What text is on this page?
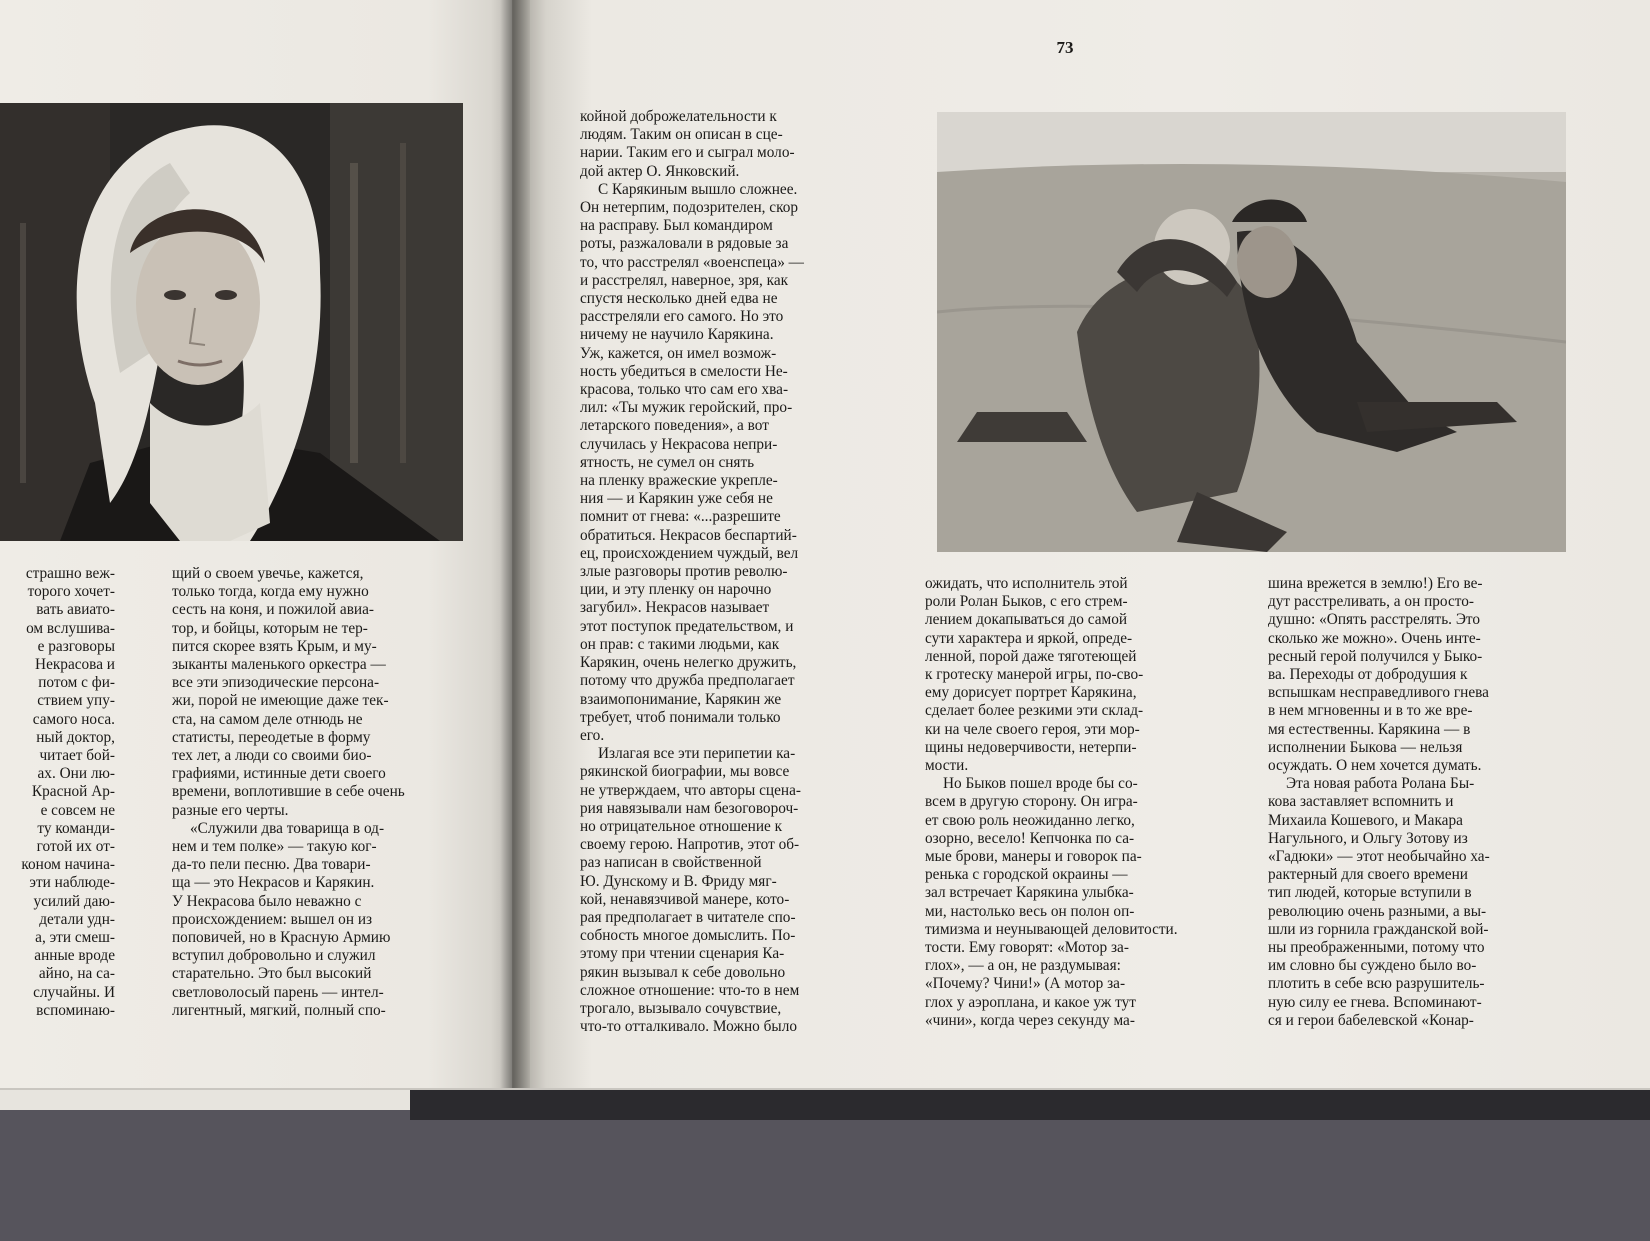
73

страшно веж-
торого хочет-
вать авиато-
ом вслушива-
е разговоры
Некрасова и
потом с фи-
ствием упу-
самого носа.
ный доктор,
читает бой-
ах. Они лю-
Красной Ар-
е совсем не
ту команди-
готой их от-
коном начина-
эти наблюде-
усилий даю-
детали удн-
а, эти смеш-
анные вроде
айно, на са-
случайны. И
вспоминаю-

щий о своем увечье, кажется,
только тогда, когда ему нужно
сесть на коня, и пожилой авиа-
тор, и бойцы, которым не тер-
пится скорее взять Крым, и му-
зыканты маленького оркестра —
все эти эпизодические персона-
жи, порой не имеющие даже тек-
ста, на самом деле отнюдь не
статисты, переодетые в форму
тех лет, а люди со своими био-
графиями, истинные дети своего
времени, воплотившие в себе очень
разные его черты.

«Служили два товарища в од-
нем и тем полке» — такую ког-
да-то пели песню. Два товари-
ща — это Некрасов и Карякин.
У Некрасова было неважно с
происхождением: вышел он из
поповичей, но в Красную Армию
вступил добровольно и служил
старательно. Это был высокий
светловолосый парень — интел-
лигентный, мягкий, полный спо-

койной доброжелательности к
людям. Таким он описан в сце-
нарии. Таким его и сыграл моло-
дой актер О. Янковский.

С Карякиным вышло сложнее.
Он нетерпим, подозрителен, скор
на расправу. Был командиром
роты, разжаловали в рядовые за
то, что расстрелял «военспеца» —
и расстрелял, наверное, зря, как
спустя несколько дней едва не
расстреляли его самого. Но это
ничему не научило Карякина.
Уж, кажется, он имел возмож-
ность убедиться в смелости Не-
красова, только что сам его хва-
лил: «Ты мужик геройский, про-
летарского поведения», а вот
случилась у Некрасова непри-
ятность, не сумел он снять
на пленку вражеские укрепле-
ния — и Карякин уже себя не
помнит от гнева: «...разрешите
обратиться. Некрасов беспартий-
ец, происхождением чуждый, вел
злые разговоры против револю-
ции, и эту пленку он нарочно
загубил». Некрасов называет
этот поступок предательством, и
он прав: с такими людьми, как
Карякин, очень нелегко дружить,
потому что дружба предполагает
взаимопонимание, Карякин же
требует, чтоб понимали только
его.

Излагая все эти перипетии ка-
рякинской биографии, мы вовсе
не утверждаем, что авторы сцена-
рия навязывали нам безоговороч-
но отрицательное отношение к
своему герою. Напротив, этот об-
раз написан в свойственной
Ю. Дунскому и В. Фриду мяг-
кой, ненавязчивой манере, кото-
рая предполагает в читателе спо-
собность многое домыслить. По-
этому при чтении сценария Ка-
рякин вызывал к себе довольно
сложное отношение: что-то в нем
трогало, вызывало сочувствие,
что-то отталкивало. Можно было

ожидать, что исполнитель этой
роли Ролан Быков, с его стрем-
лением докапываться до самой
сути характера и яркой, опреде-
ленной, порой даже тяготеющей
к гротеску манерой игры, по-сво-
ему дорисует портрет Карякина,
сделает более резкими эти склад-
ки на челе своего героя, эти мор-
щины недоверчивости, нетерпи-
мости.

Но Быков пошел вроде бы со-
всем в другую сторону. Он игра-
ет свою роль неожиданно легко,
озорно, весело! Кепчонка по са-
мые брови, манеры и говорок па-
ренька с городской окраины —
зал встречает Карякина улыбка-
ми, настолько весь он полон оп-
тимизма и неунывающей деловитости.
тости. Ему говорят: «Мотор за-
глох», — а он, не раздумывая:
«Почему? Чини!» (А мотор за-
глох у аэроплана, и какое уж тут
«чини», когда через секунду ма-

шина врежется в землю!) Его ве-
дут расстреливать, а он просто-
душно: «Опять расстрелять. Это
сколько же можно». Очень инте-
ресный герой получился у Быко-
ва. Переходы от добродушия к
вспышкам несправедливого гнева
в нем мгновенны и в то же вре-
мя естественны. Карякина — в
исполнении Быкова — нельзя
осуждать. О нем хочется думать.

Эта новая работа Ролана Бы-
кова заставляет вспомнить и
Михаила Кошевого, и Макара
Нагульного, и Ольгу Зотову из
«Гадюки» — этот необычайно ха-
рактерный для своего времени
тип людей, которые вступили в
революцию очень разными, а вы-
шли из горнила гражданской вой-
ны преображенными, потому что
им словно бы суждено было во-
плотить в себе всю разрушитель-
ную силу ее гнева. Вспоминают-
ся и герои бабелевской «Конар-
